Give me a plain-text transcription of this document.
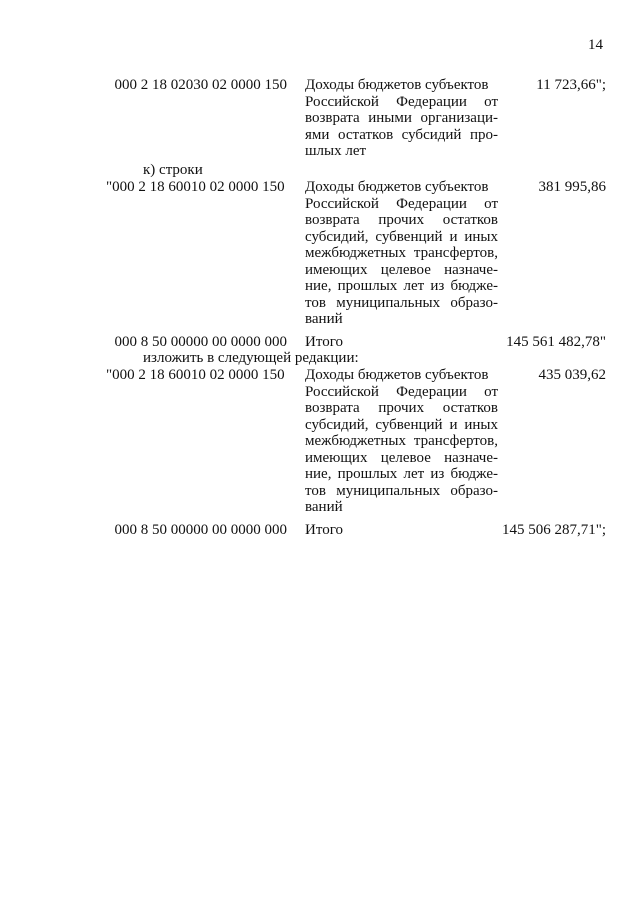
14
000 2 18 02030 02 0000 150 Доходы бюджетов субъектов
Российской Федерации от
возврата иными организаци-
ями остатков субсидий про-
шлых лет
11 723,66";
к) строки
"000 2 18 60010 02 0000 150 Доходы бюджетов субъектов
Российской Федерации от
возврата прочих остатков
субсидий, субвенций и иных
межбюджетных трансфертов,
имеющих целевое назначе-
ние, прошлых лет из бюдже-
тов муниципальных образо-
ваний
381 995,86
000 8 50 00000 00 0000 000 Итого	145 561 482,78"
изложить в следующей редакции:
"000 2 18 60010 02 0000 150 Доходы бюджетов субъектов
Российской Федерации от
возврата прочих остатков
субсидий, субвенций и иных
межбюджетных трансфертов,
имеющих целевое назначе-
ние, прошлых лет из бюдже-
тов муниципальных образо-
ваний
435 039,62
000 8 50 00000 00 0000 000 Итого	145 506 287,71";
